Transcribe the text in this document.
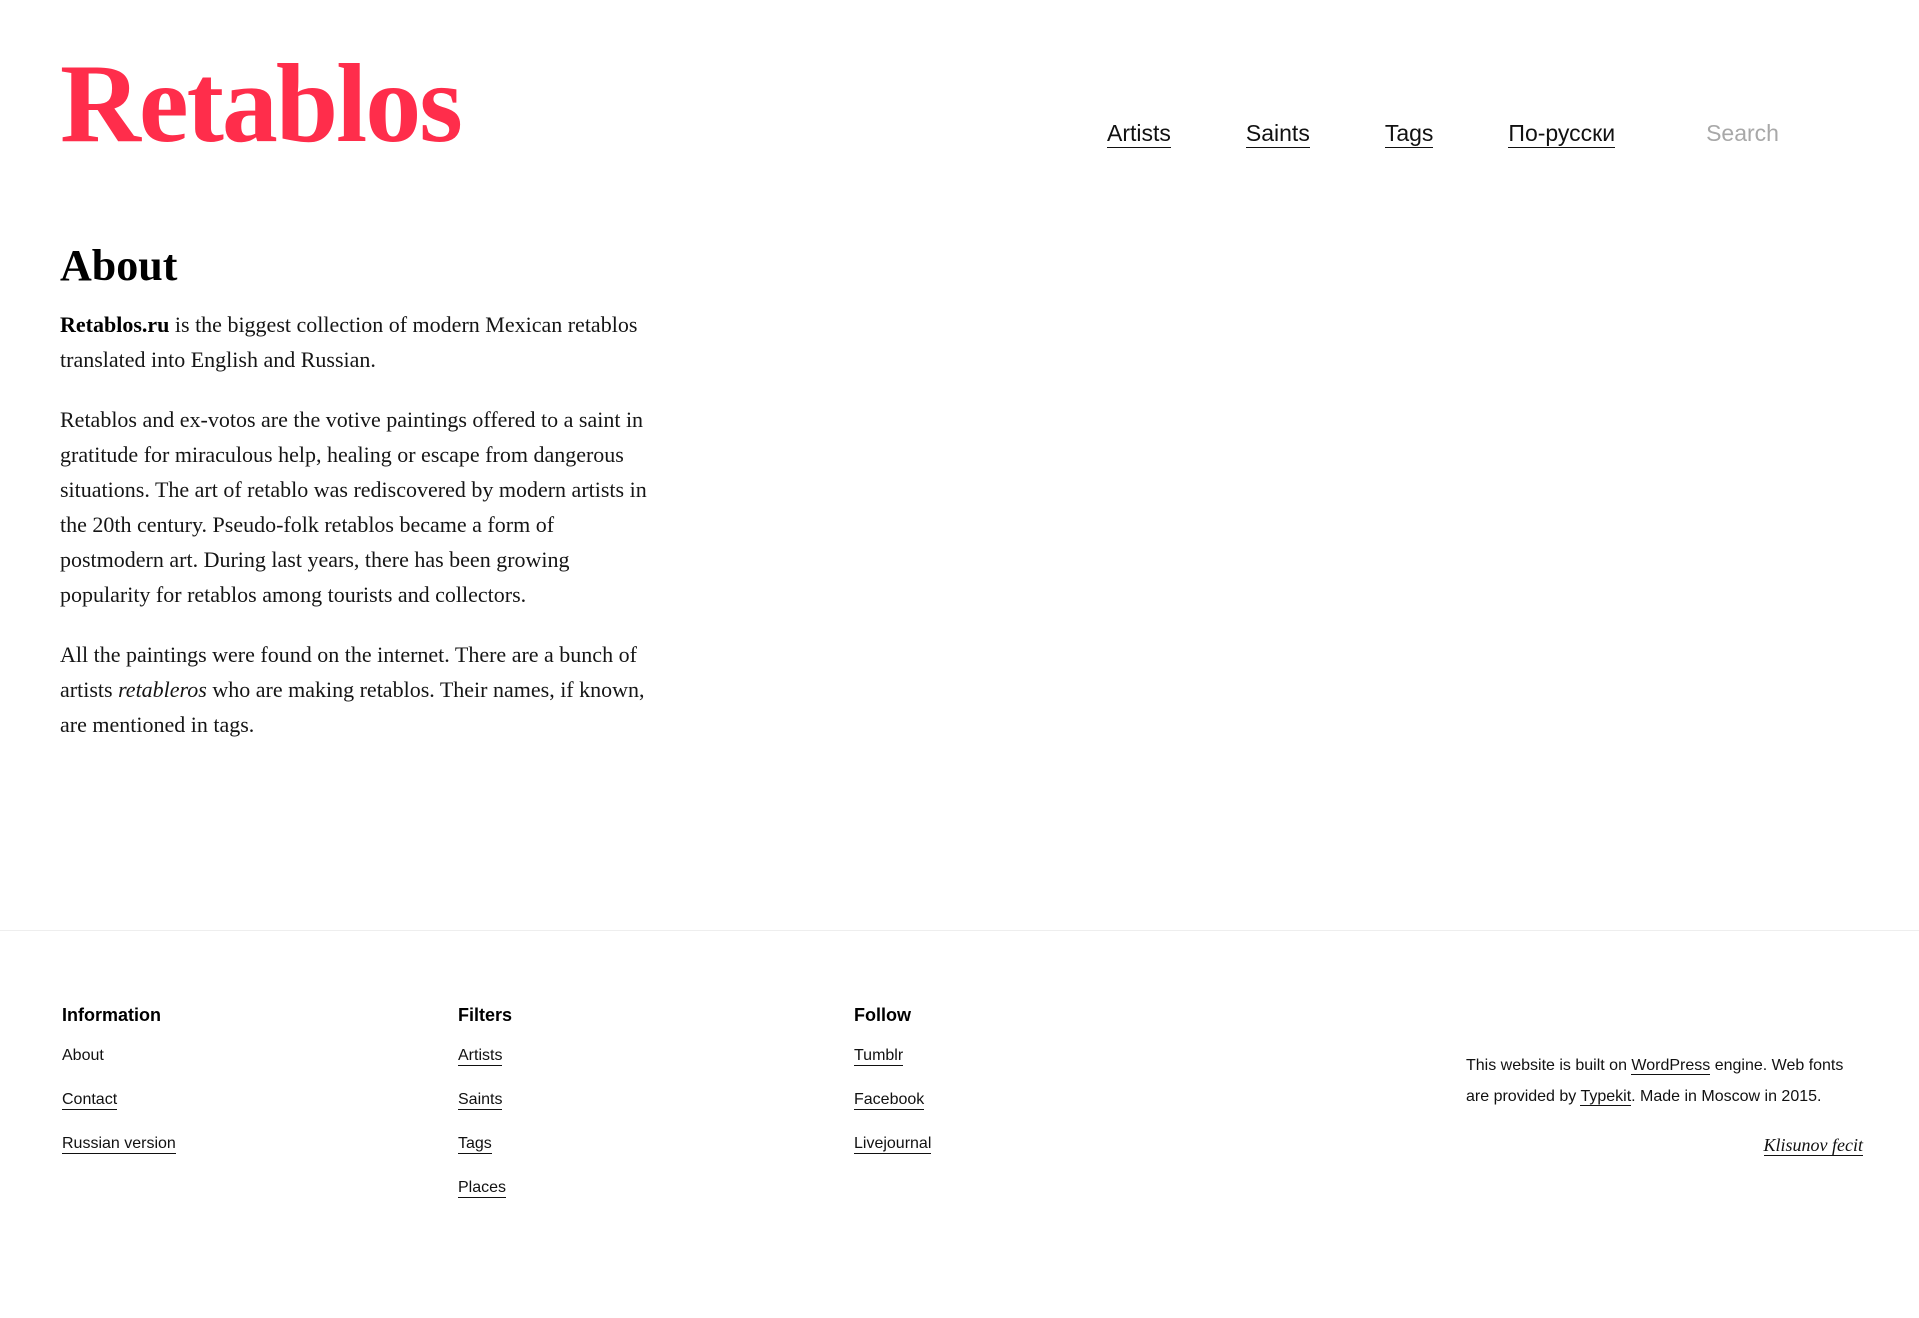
Retablos	Artists	Saints	Tags	По-русски
Search
About

Retablos.ru is the biggest collection of modern Mexican retablos translated into English and Russian.

Retablos and ex-votos are the votive paintings offered to a saint in gratitude for miraculous help, healing or escape from dangerous situations. The art of retablo was rediscovered by modern artists in the 20th century. Pseudo-folk retablos became a form of postmodern art. During last years, there has been growing popularity for retablos among tourists and collectors.

All the paintings were found on the internet. There are a bunch of artists retableros who are making retablos. Their names, if known, are mentioned in tags.

Information
About
Contact
Russian version
Filters
Artists
Saints
Tags
Places
Follow
Tumblr
Facebook
Livejournal
This website is built on WordPress engine. Web fonts are provided by Typekit. Made in Moscow in 2015.
Klisunov fecit
